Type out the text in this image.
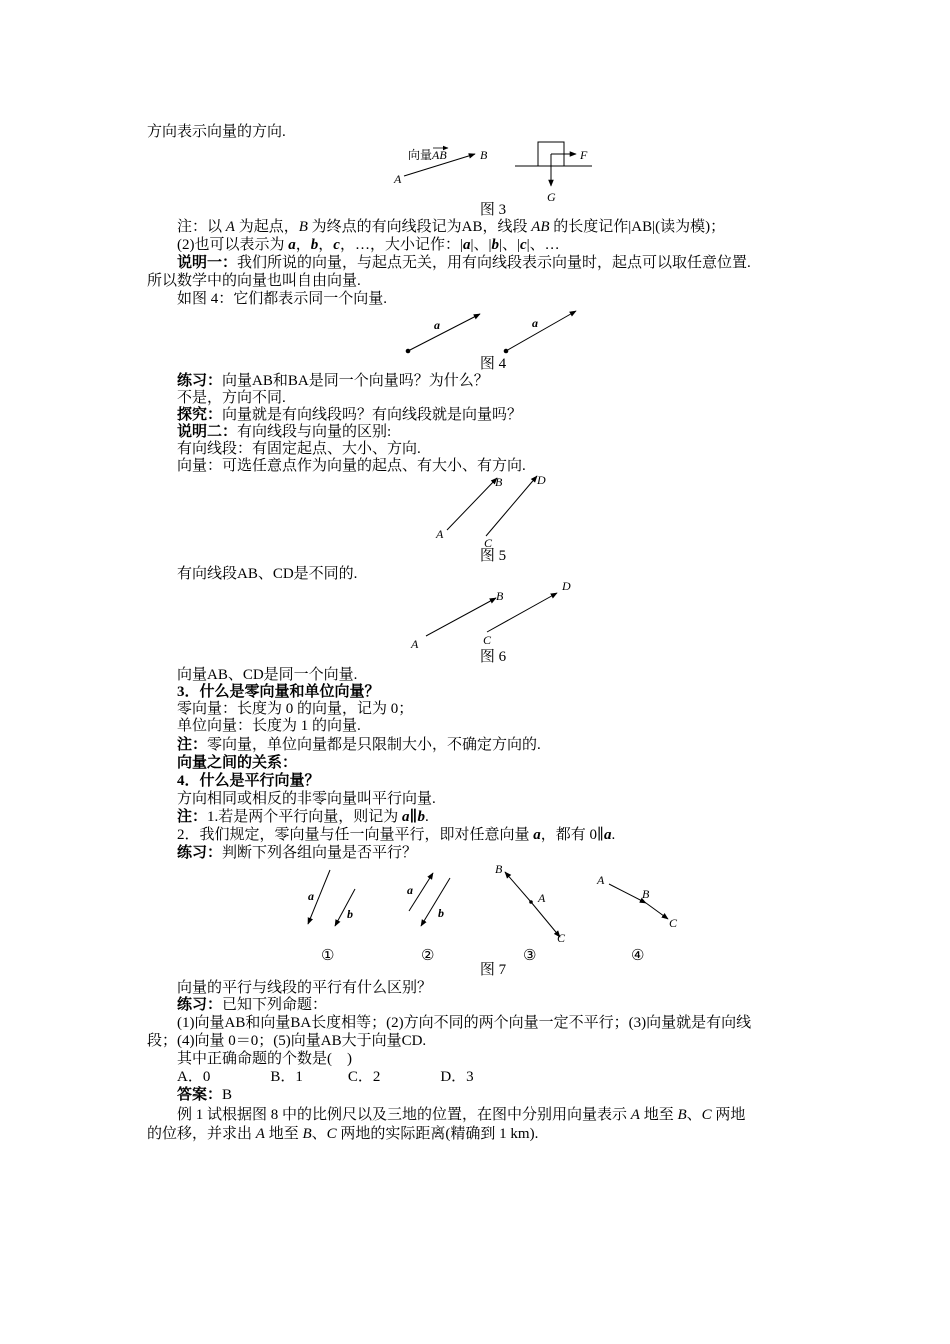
方向表示向量的方向.
向量 AB
A
B	F
G
图 3
注：以 A 为起点，B 为终点的有向线段记为AB，线段 AB 的长度记作|AB|(读为模)；
(2)也可以表示为 a，b，c，…，大小记作：|a|、|b|、|c|、…
说明一：我们所说的向量，与起点无关，用有向线段表示向量时，起点可以取任意位置.
所以数学中的向量也叫自由向量.
如图 4：它们都表示同一个向量.
a	a
图 4
练习：向量AB和BA是同一个向量吗？为什么？
不是，方向不同.
探究：向量就是有向线段吗？有向线段就是向量吗？
说明二：有向线段与向量的区别:
有向线段：有固定起点、大小、方向.
向量：可选任意点作为向量的起点、有大小、有方向.
A
B
C
D
图 5
有向线段AB、CD是不同的.
A
B
C
D
图 6
向量AB、CD是同一个向量.
3．什么是零向量和单位向量？
零向量：长度为 0 的向量，记为 0；
单位向量：长度为 1 的向量.
注：零向量，单位向量都是只限制大小，不确定方向的.
向量之间的关系：
4．什么是平行向量？
方向相同或相反的非零向量叫平行向量.
注：1.若是两个平行向量，则记为 a∥b.
2．我们规定，零向量与任一向量平行，即对任意向量 a，都有 0∥a.
练习：判断下列各组向量是否平行？
a
b
①
a
b
②
B
A
C
③
A
B
C
④
图 7
向量的平行与线段的平行有什么区别？
练习：已知下列命题：
(1)向量AB和向量BA长度相等；(2)方向不同的两个向量一定不平行；(3)向量就是有向线
段；(4)向量 0＝0；(5)向量AB大于向量CD.
其中正确命题的个数是(　)
A．0　　　　B．1　　　C．2　　　　D．3
答案：B
例 1 试根据图 8 中的比例尺以及三地的位置，在图中分别用向量表示 A 地至 B、C 两地
的位移，并求出 A 地至 B、C 两地的实际距离(精确到 1 km).
